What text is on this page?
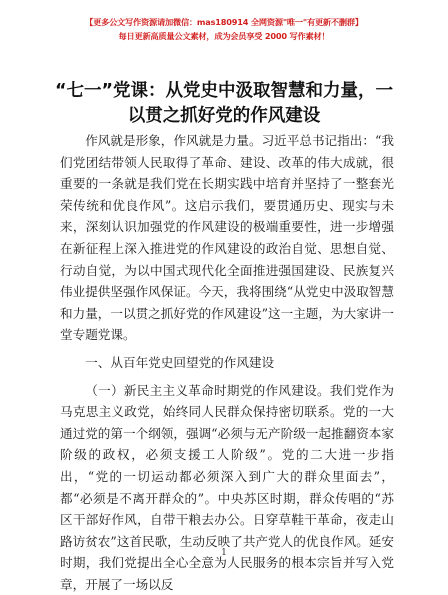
【更多公文写作资源请加微信：mas180914 全网资源"唯一"有更新不删群】
每日更新高质量公文素材，成为会员享受 2000 写作素材！
“七一”党课：从党史中汲取智慧和力量，一以贯之抓好党的作风建设

作风就是形象，作风就是力量。习近平总书记指出：“我们党团结带领人民取得了革命、建设、改革的伟大成就，很重要的一条就是我们党在长期实践中培育并坚持了一整套光荣传统和优良作风”。这启示我们，要贯通历史、现实与未来，深刻认识加强党的作风建设的极端重要性，进一步增强在新征程上深入推进党的作风建设的政治自觉、思想自觉、行动自觉，为以中国式现代化全面推进强国建设、民族复兴伟业提供坚强作风保证。今天，我将围绕“从党史中汲取智慧和力量，一以贯之抓好党的作风建设”这一主题，为大家讲一堂专题党课。

一、从百年党史回望党的作风建设

（一）新民主主义革命时期党的作风建设。我们党作为马克思主义政党，始终同人民群众保持密切联系。党的一大通过党的第一个纲领，强调“必须与无产阶级一起推翻资本家阶级的政权，必须支援工人阶级”。党的二大进一步指出，“党的一切运动都必须深入到广大的群众里面去”，都“必须是不离开群众的”。中央苏区时期，群众传唱的“苏区干部好作风，自带干粮去办公。日穿草鞋干革命，夜走山路访贫农”这首民歌，生动反映了共产党人的优良作风。延安时期，我们党提出全心全意为人民服务的根本宗旨并写入党章，开展了一场以反

1
